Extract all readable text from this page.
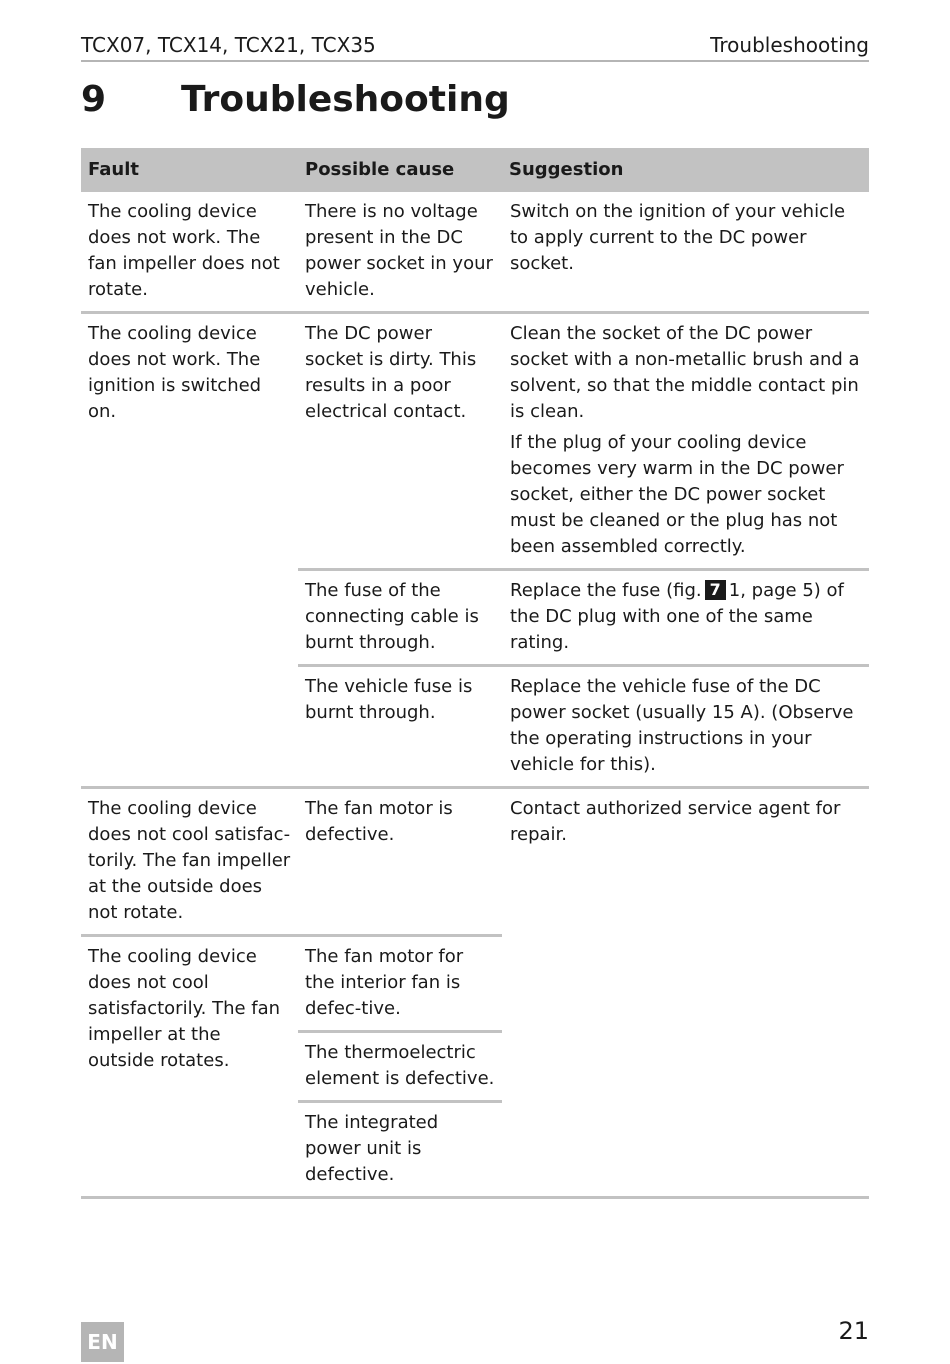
TCX07, TCX14, TCX21, TCX35	Troubleshooting
9 Troubleshooting
Fault	Possible cause	Suggestion
The cooling device does not work. The fan impeller does not rotate.	There is no voltage present in the DC power socket in your vehicle.	Switch on the ignition of your vehicle to apply current to the DC power socket.
The cooling device does not work. The ignition is switched on.	The DC power socket is dirty. This results in a poor electrical contact.	Clean the socket of the DC power socket with a non-metallic brush and a solvent, so that the middle contact pin is clean.

If the plug of your cooling device becomes very warm in the DC power socket, either the DC power socket must be cleaned or the plug has not been assembled correctly.

	The fuse of the connecting cable is burnt through.	Replace the fuse (fig. 7 1, page 5) of the DC plug with one of the same rating.
	The vehicle fuse is burnt through.	Replace the vehicle fuse of the DC power socket (usually 15 A). (Observe the operating instructions in your vehicle for this).
The cooling device does not cool satisfac-torily. The fan impeller at the outside does not rotate.	The fan motor is defective.	Contact authorized service agent for repair.
The cooling device does not cool satisfactorily. The fan impeller at the outside rotates.	The fan motor for the interior fan is defec-tive.	
	The thermoelectric element is defective.	
	The integrated power unit is defective.	
EN	21
